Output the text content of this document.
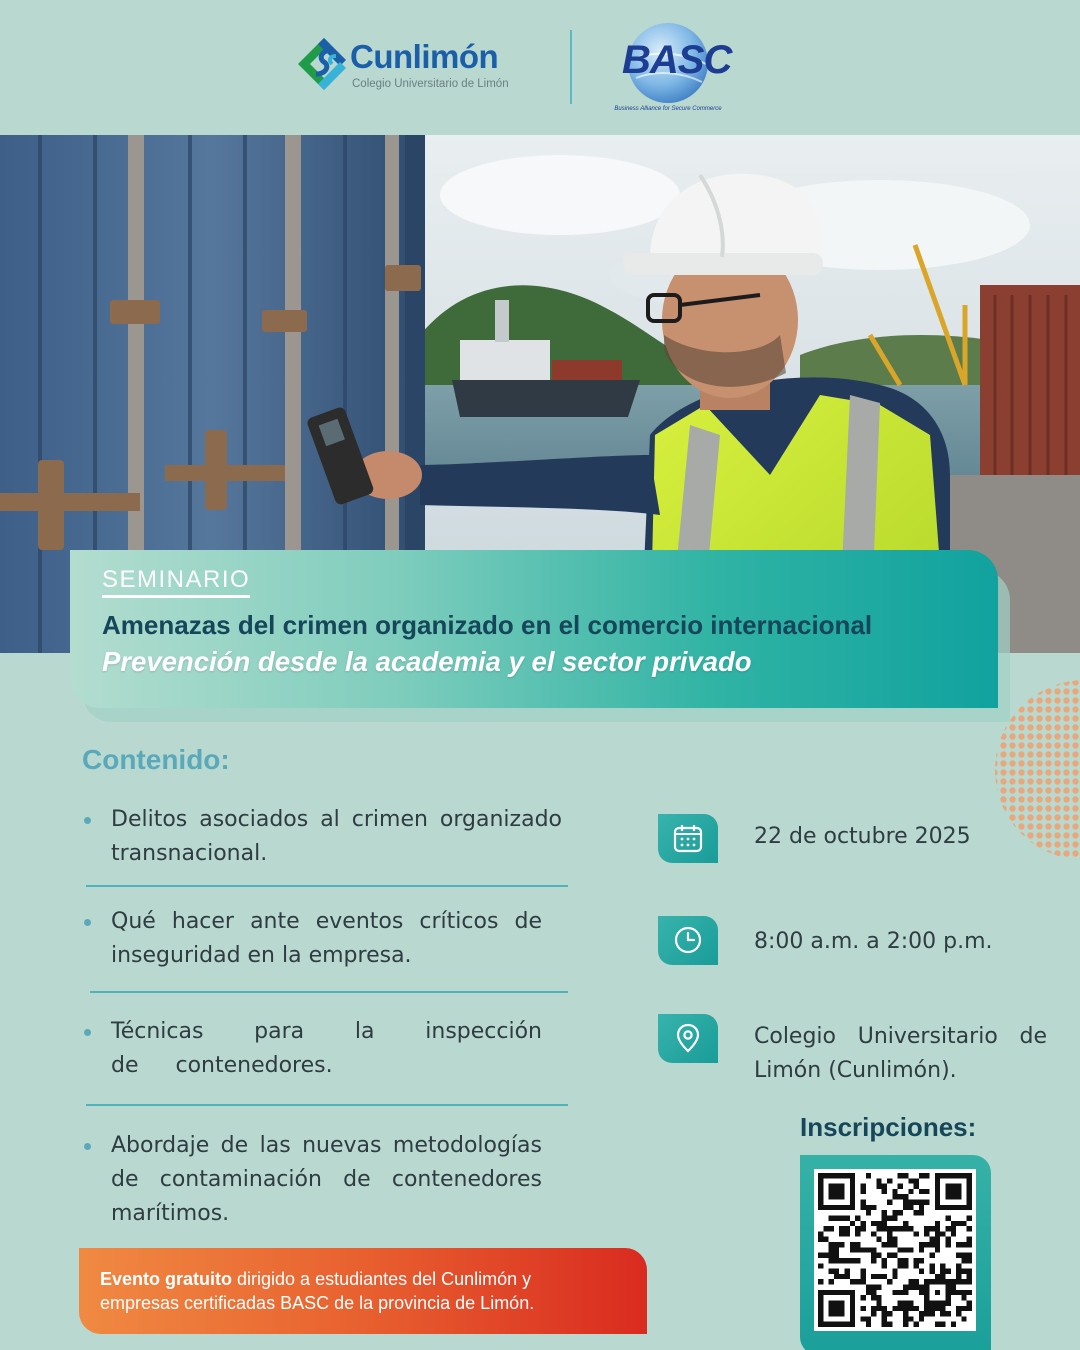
Cunlimón
Colegio Universitario de Limón
BASC
Business Alliance for Secure Commerce
SEMINARIO
Amenazas del crimen organizado en el comercio internacional
Prevención desde la academia y el sector privado
Contenido:
Delitos asociados al crimen organizado transnacional.
Qué hacer ante eventos críticos de inseguridad en la empresa.
Técnicas para la inspección de contenedores.
Abordaje de las nuevas metodologías de contaminación de contenedores marítimos.
Evento gratuito dirigido a estudiantes del Cunlimón y
empresas certificadas BASC de la provincia de Limón.
22 de octubre 2025
8:00 a.m. a 2:00 p.m.
Colegio Universitario de Limón (Cunlimón).
Inscripciones:
